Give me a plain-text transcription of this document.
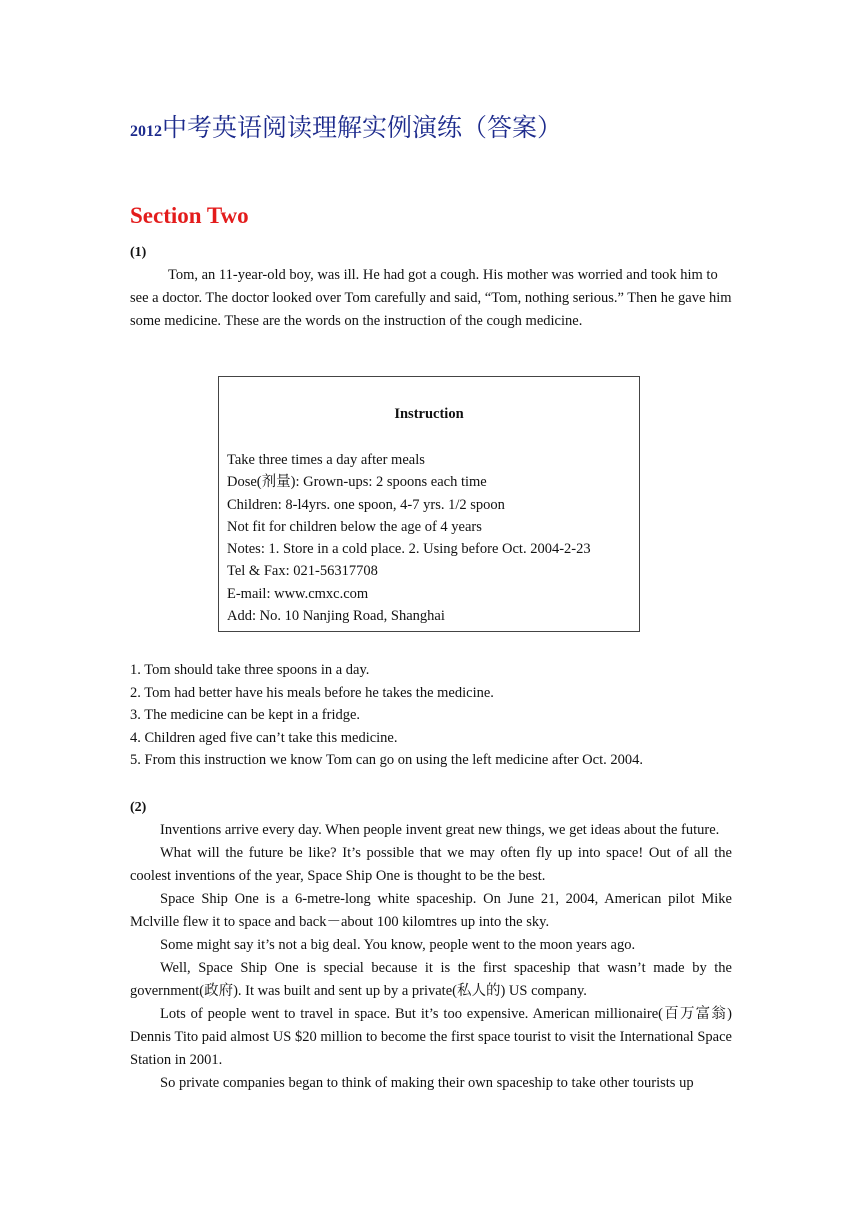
2012中考英语阅读理解实例演练（答案）
Section Two
(1)

Tom, an 11-year-old boy, was ill. He had got a cough. His mother was worried and took him to see a doctor. The doctor looked over Tom carefully and said, “Tom, nothing serious.” Then he gave him some medicine. These are the words on the instruction of the cough medicine.

Instruction
Take three times a day after meals
Dose(剂量): Grown-ups: 2 spoons each time
Children: 8-l4yrs. one spoon, 4-7 yrs. 1/2 spoon
Not fit for children below the age of 4 years
Notes: 1. Store in a cold place. 2. Using before Oct. 2004-2-23
Tel & Fax: 021-56317708
E-mail: www.cmxc.com
Add: No. 10 Nanjing Road, Shanghai
1. Tom should take three spoons in a day.
2. Tom had better have his meals before he takes the medicine.
3. The medicine can be kept in a fridge.
4. Children aged five can’t take this medicine.
5. From this instruction we know Tom can go on using the left medicine after Oct. 2004.
(2)

Inventions arrive every day. When people invent great new things, we get ideas about the future.

What will the future be like? It’s possible that we may often fly up into space! Out of all the coolest inventions of the year, Space Ship One is thought to be the best.

Space Ship One is a 6-metre-long white spaceship. On June 21, 2004, American pilot Mike Mclville flew it to space and back－about 100 kilomtres up into the sky.

Some might say it’s not a big deal. You know, people went to the moon years ago.

Well, Space Ship One is special because it is the first spaceship that wasn’t made by the government(政府). It was built and sent up by a private(私人的) US company.

Lots of people went to travel in space. But it’s too expensive. American millionaire(百万富翁) Dennis Tito paid almost US $20 million to become the first space tourist to visit the International Space Station in 2001.

So private companies began to think of making their own spaceship to take other tourists up
